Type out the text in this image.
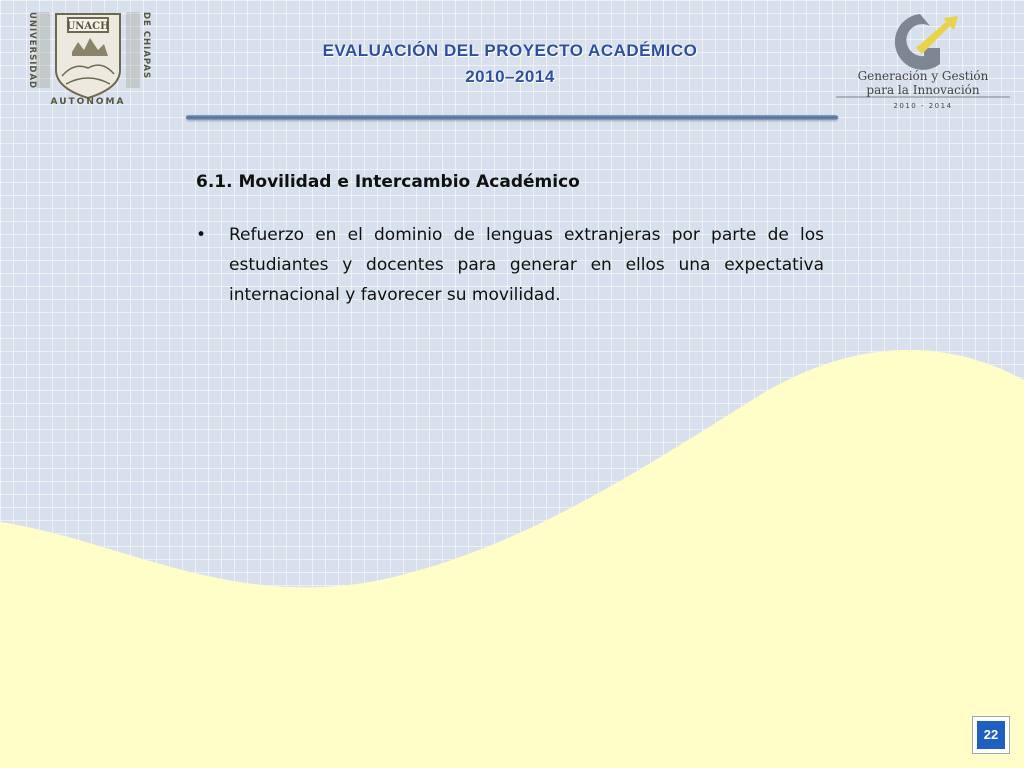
UNACH
UNIVERSIDAD	DE CHIAPAS
AUTONOMA
EVALUACIÓN DEL PROYECTO ACADÉMICO
2010–2014	Generación y Gestión
para la Innovación
2010 - 2014
6.1. Movilidad e Intercambio Académico
•	Refuerzo en el dominio de lenguas extranjeras por parte de los estudiantes y docentes para generar en ellos una expectativa internacional y favorecer su movilidad.
22
